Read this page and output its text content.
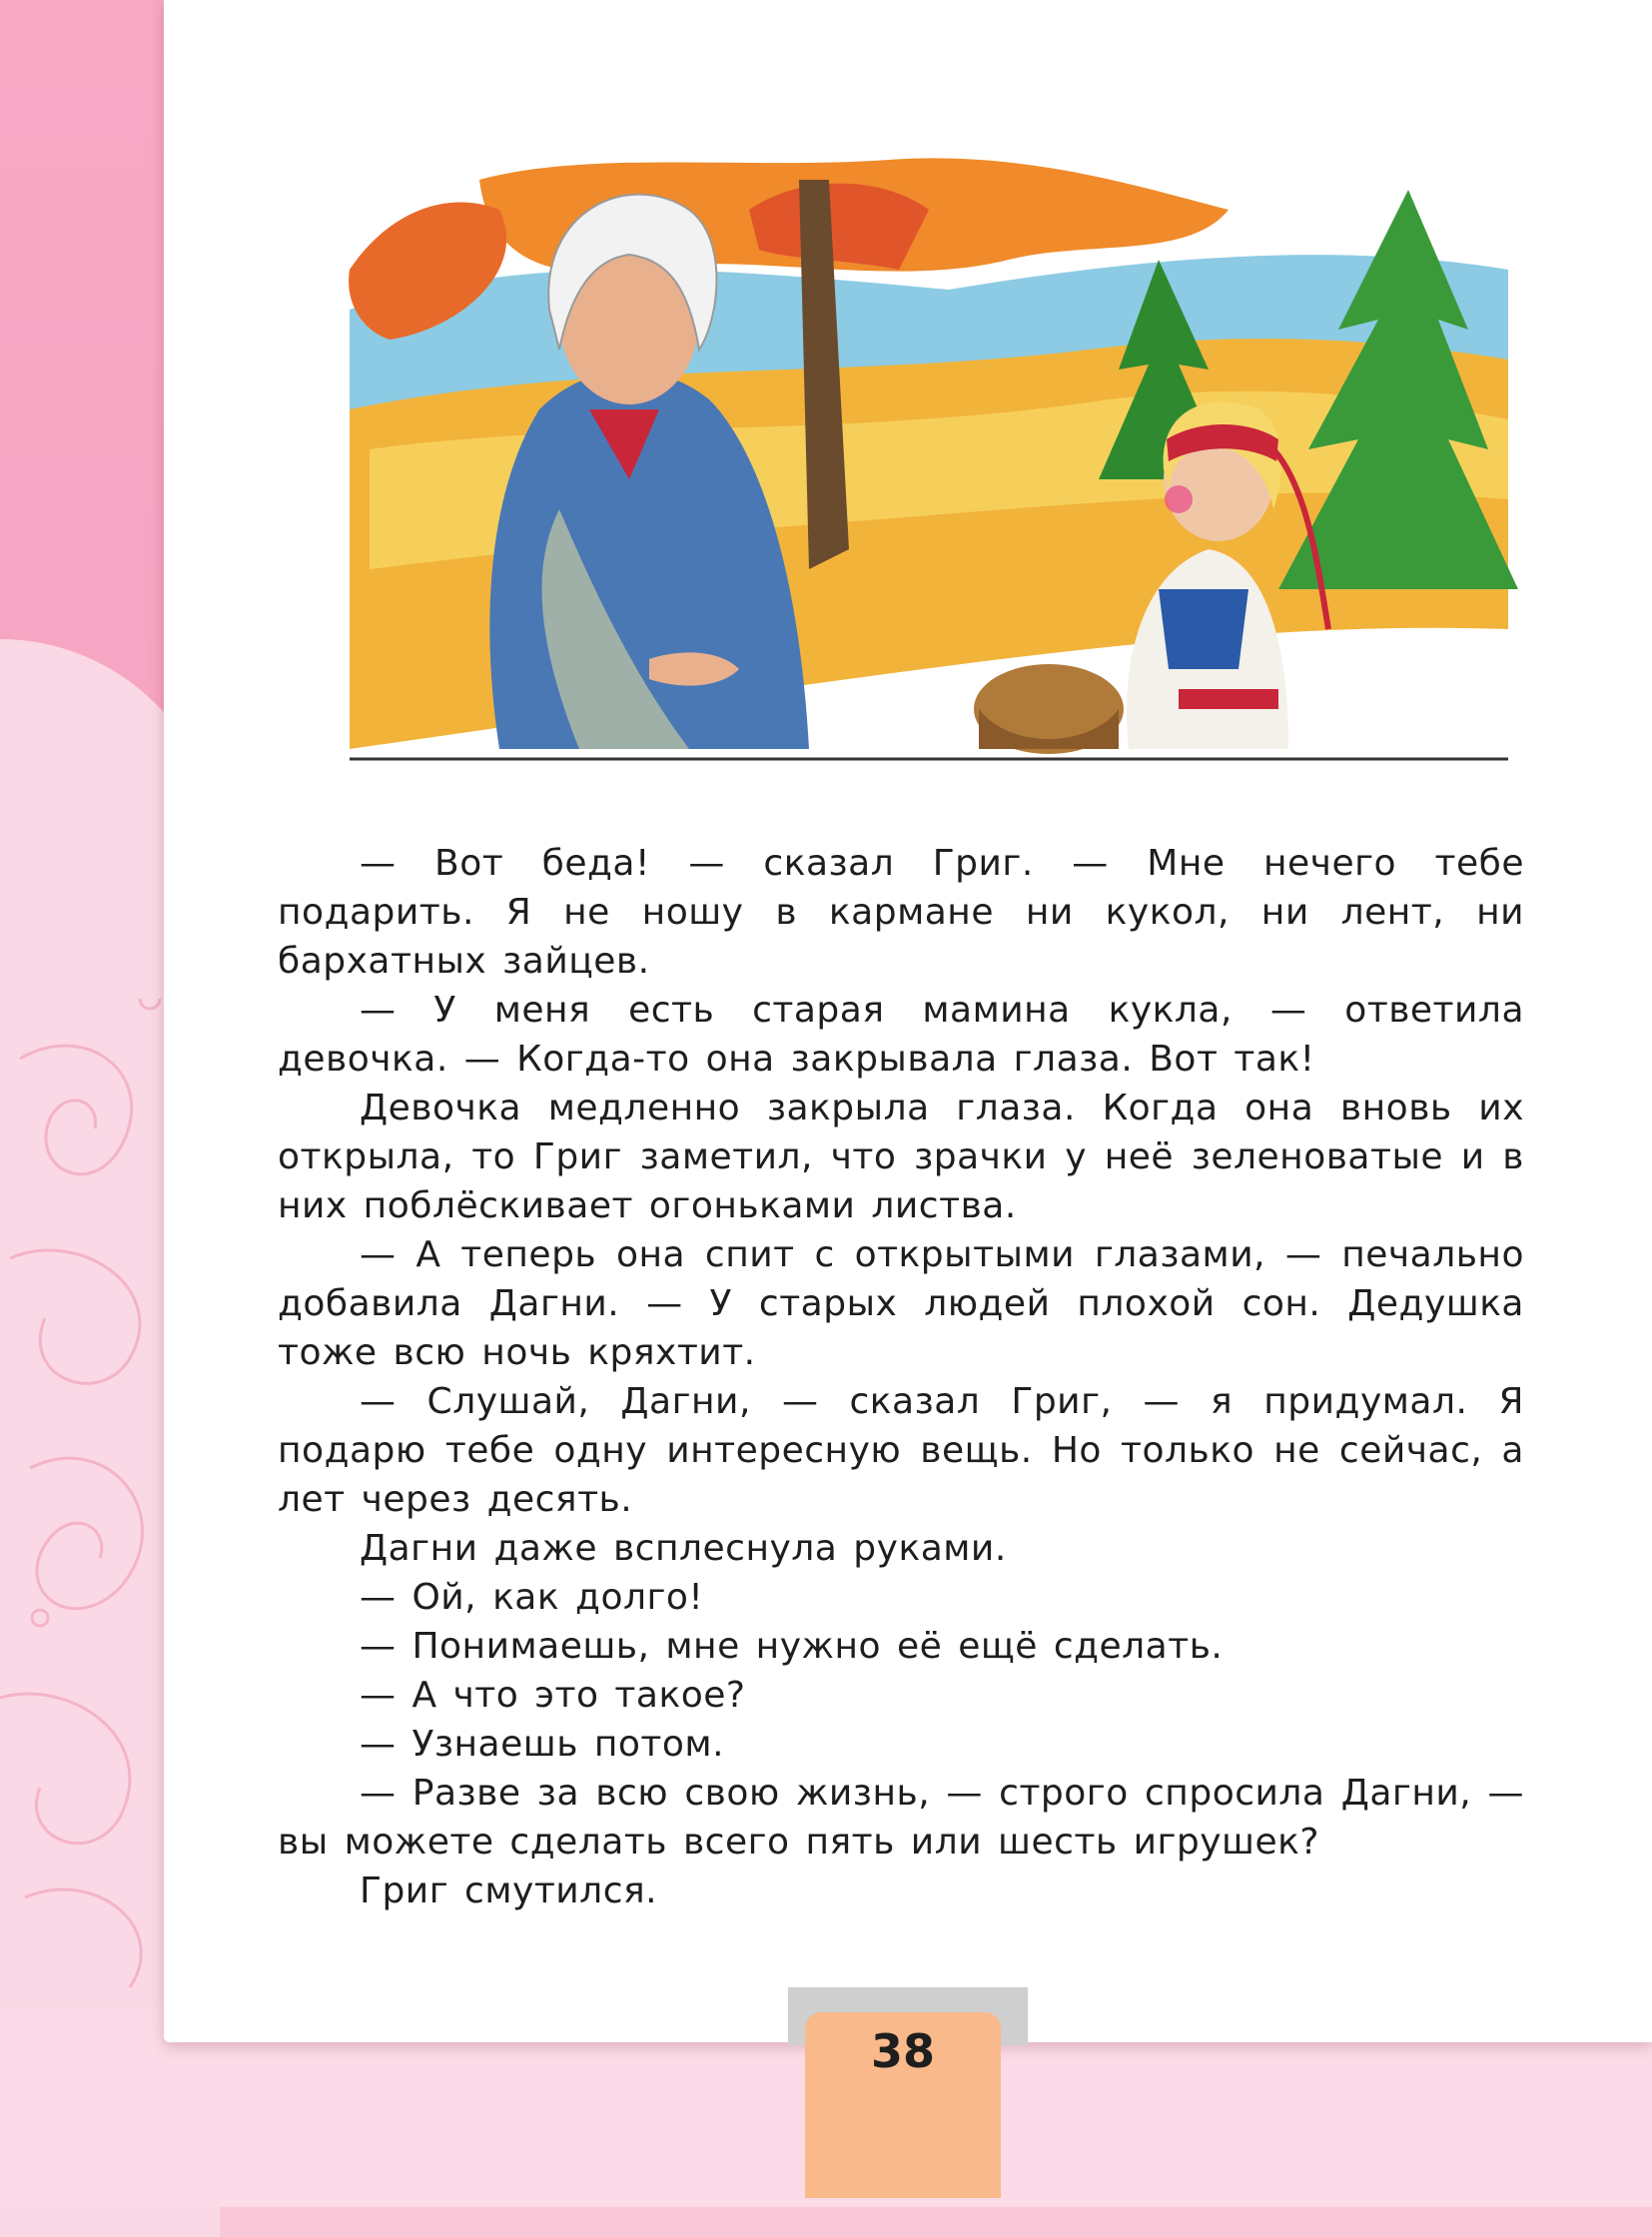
— Вот беда! — сказал Григ. — Мне нечего тебе подарить. Я не ношу в кармане ни кукол, ни лент, ни бархатных зайцев.

— У меня есть старая мамина кукла, — ответила девочка. — Когда-то она закрывала глаза. Вот так!

Девочка медленно закрыла глаза. Когда она вновь их открыла, то Григ заметил, что зрачки у неё зеленоватые и в них поблёскивает огоньками листва.

— А теперь она спит с открытыми глазами, — печально добавила Дагни. — У старых людей плохой сон. Дедушка тоже всю ночь кряхтит.

— Слушай, Дагни, — сказал Григ, — я придумал. Я подарю тебе одну интересную вещь. Но только не сейчас, а лет через десять.

Дагни даже всплеснула руками.

— Ой, как долго!

— Понимаешь, мне нужно её ещё сделать.

— А что это такое?

— Узнаешь потом.

— Разве за всю свою жизнь, — строго спросила Дагни, — вы можете сделать всего пять или шесть игрушек?

Григ смутился.

38
